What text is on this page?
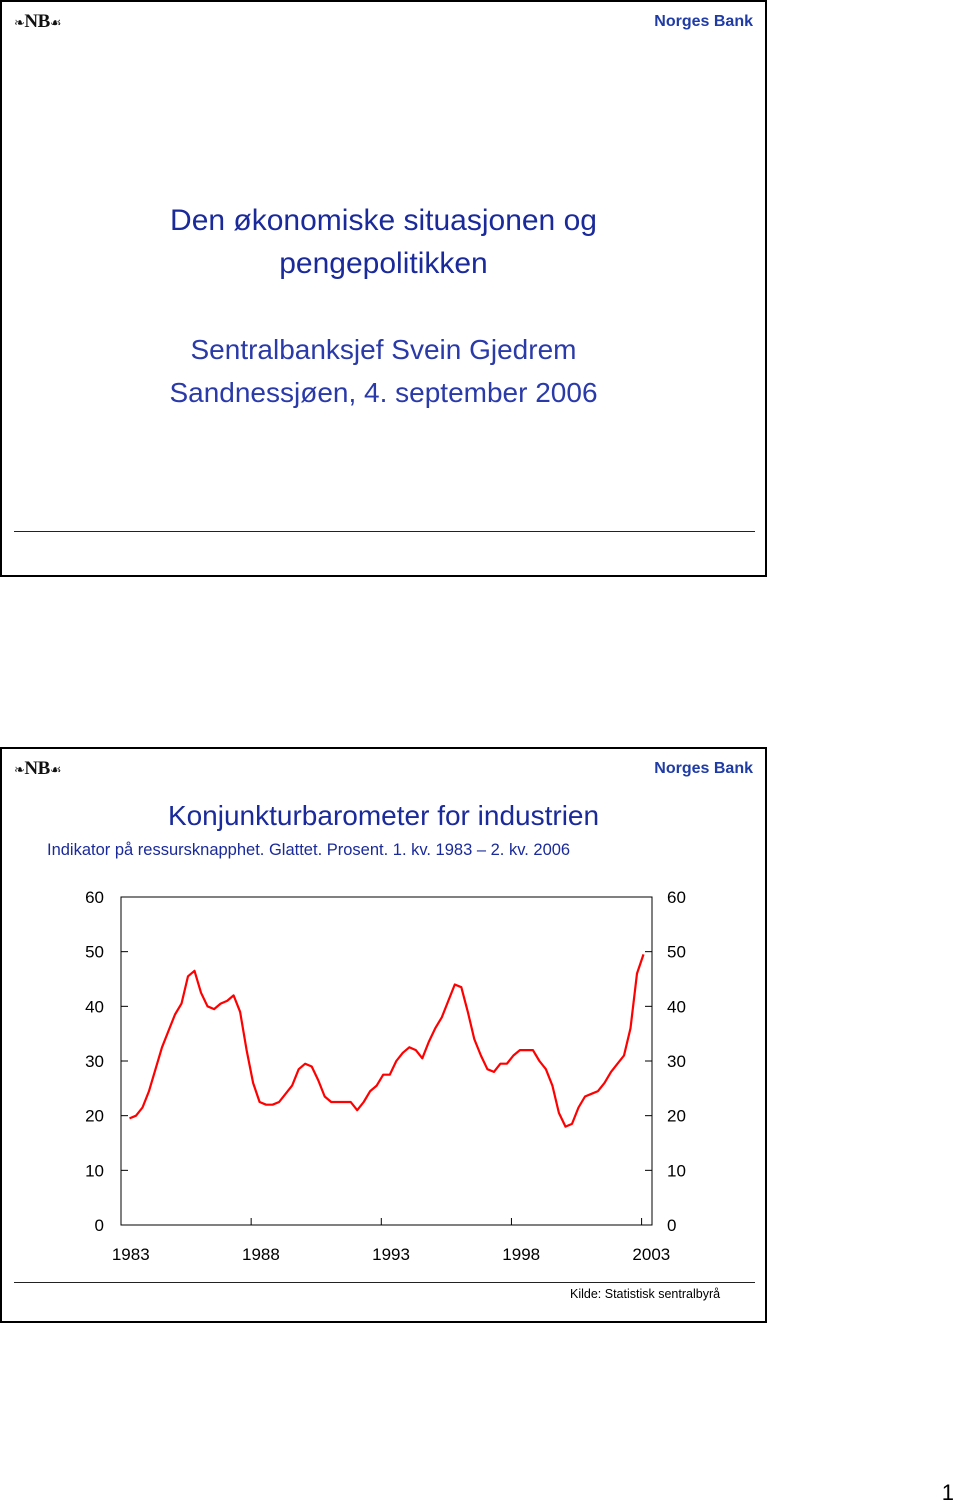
❧NB☙	Norges Bank
Den økonomiske situasjonen og
pengepolitikken
Sentralbanksjef Svein Gjedrem
Sandnessjøen, 4. september 2006
❧NB☙	Norges Bank
Konjunkturbarometer for industrien
Indikator på ressursknapphet. Glattet. Prosent. 1. kv. 1983 – 2. kv. 2006
0	0
10	10
20	20
30	30
40	40
50	50
60	60
1983	1988	1993	1998	2003
Kilde: Statistisk sentralbyrå
1
